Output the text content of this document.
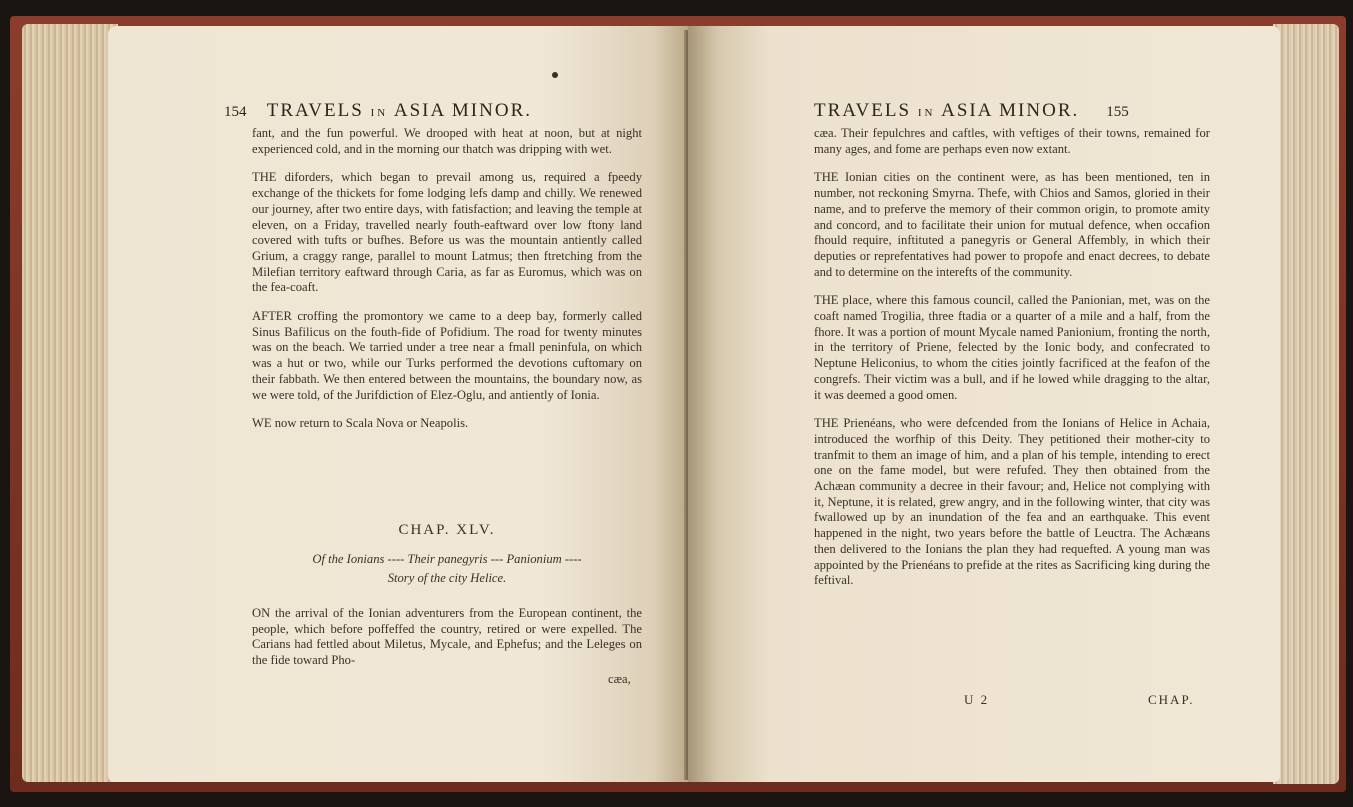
154 TRAVELS IN ASIA MINOR.

fant, and the fun powerful. We drooped with heat at noon, but at night experienced cold, and in the morning our thatch was dripping with wet.

THE diforders, which began to prevail among us, required a fpeedy exchange of the thickets for fome lodging lefs damp and chilly. We renewed our journey, after two entire days, with fatisfaction; and leaving the temple at eleven, on a Friday, travelled nearly fouth-eaftward over low ftony land covered with tufts or bufhes. Before us was the mountain antiently called Grium, a craggy range, parallel to mount Latmus; then ftretching from the Milefian territory eaftward through Caria, as far as Euromus, which was on the fea-coaft.

AFTER croffing the promontory we came to a deep bay, formerly called Sinus Bafilicus on the fouth-fide of Pofidium. The road for twenty minutes was on the beach. We tarried under a tree near a fmall peninfula, on which was a hut or two, while our Turks performed the devotions cuftomary on their fabbath. We then entered between the mountains, the boundary now, as we were told, of the Jurifdiction of Elez-Oglu, and antiently of Ionia.

WE now return to Scala Nova or Neapolis.

CHAP. XLV.
Of the Ionians ---- Their panegyris --- Panionium ----
Story of the city Helice.
ON the arrival of the Ionian adventurers from the European continent, the people, which before poffeffed the country, retired or were expelled. The Carians had fettled about Miletus, Mycale, and Ephefus; and the Leleges on the fide toward Pho-
cæa,
TRAVELS IN ASIA MINOR. 155

cæa. Their fepulchres and caftles, with veftiges of their towns, remained for many ages, and fome are perhaps even now extant.

THE Ionian cities on the continent were, as has been mentioned, ten in number, not reckoning Smyrna. Thefe, with Chios and Samos, gloried in their name, and to preferve the memory of their common origin, to promote amity and concord, and to facilitate their union for mutual defence, when occafion fhould require, inftituted a panegyris or General Affembly, in which their deputies or reprefentatives had power to propofe and enact decrees, to debate and to determine on the interefts of the community.

THE place, where this famous council, called the Panionian, met, was on the coaft named Trogilia, three ftadia or a quarter of a mile and a half, from the fhore. It was a portion of mount Mycale named Panionium, fronting the north, in the territory of Priene, felected by the Ionic body, and confecrated to Neptune Heliconius, to whom the cities jointly facrificed at the feafon of the congrefs. Their victim was a bull, and if he lowed while dragging to the altar, it was deemed a good omen.

THE Prienéans, who were defcended from the Ionians of Helice in Achaia, introduced the worfhip of this Deity. They petitioned their mother-city to tranfmit to them an image of him, and a plan of his temple, intending to erect one on the fame model, but were refufed. They then obtained from the Achæan community a decree in their favour; and, Helice not complying with it, Neptune, it is related, grew angry, and in the following winter, that city was fwallowed up by an inundation of the fea and an earthquake. This event happened in the night, two years before the battle of Leuctra. The Achæans then delivered to the Ionians the plan they had requefted. A young man was appointed by the Prienéans to prefide at the rites as Sacrificing king during the feftival.

U 2	CHAP.
